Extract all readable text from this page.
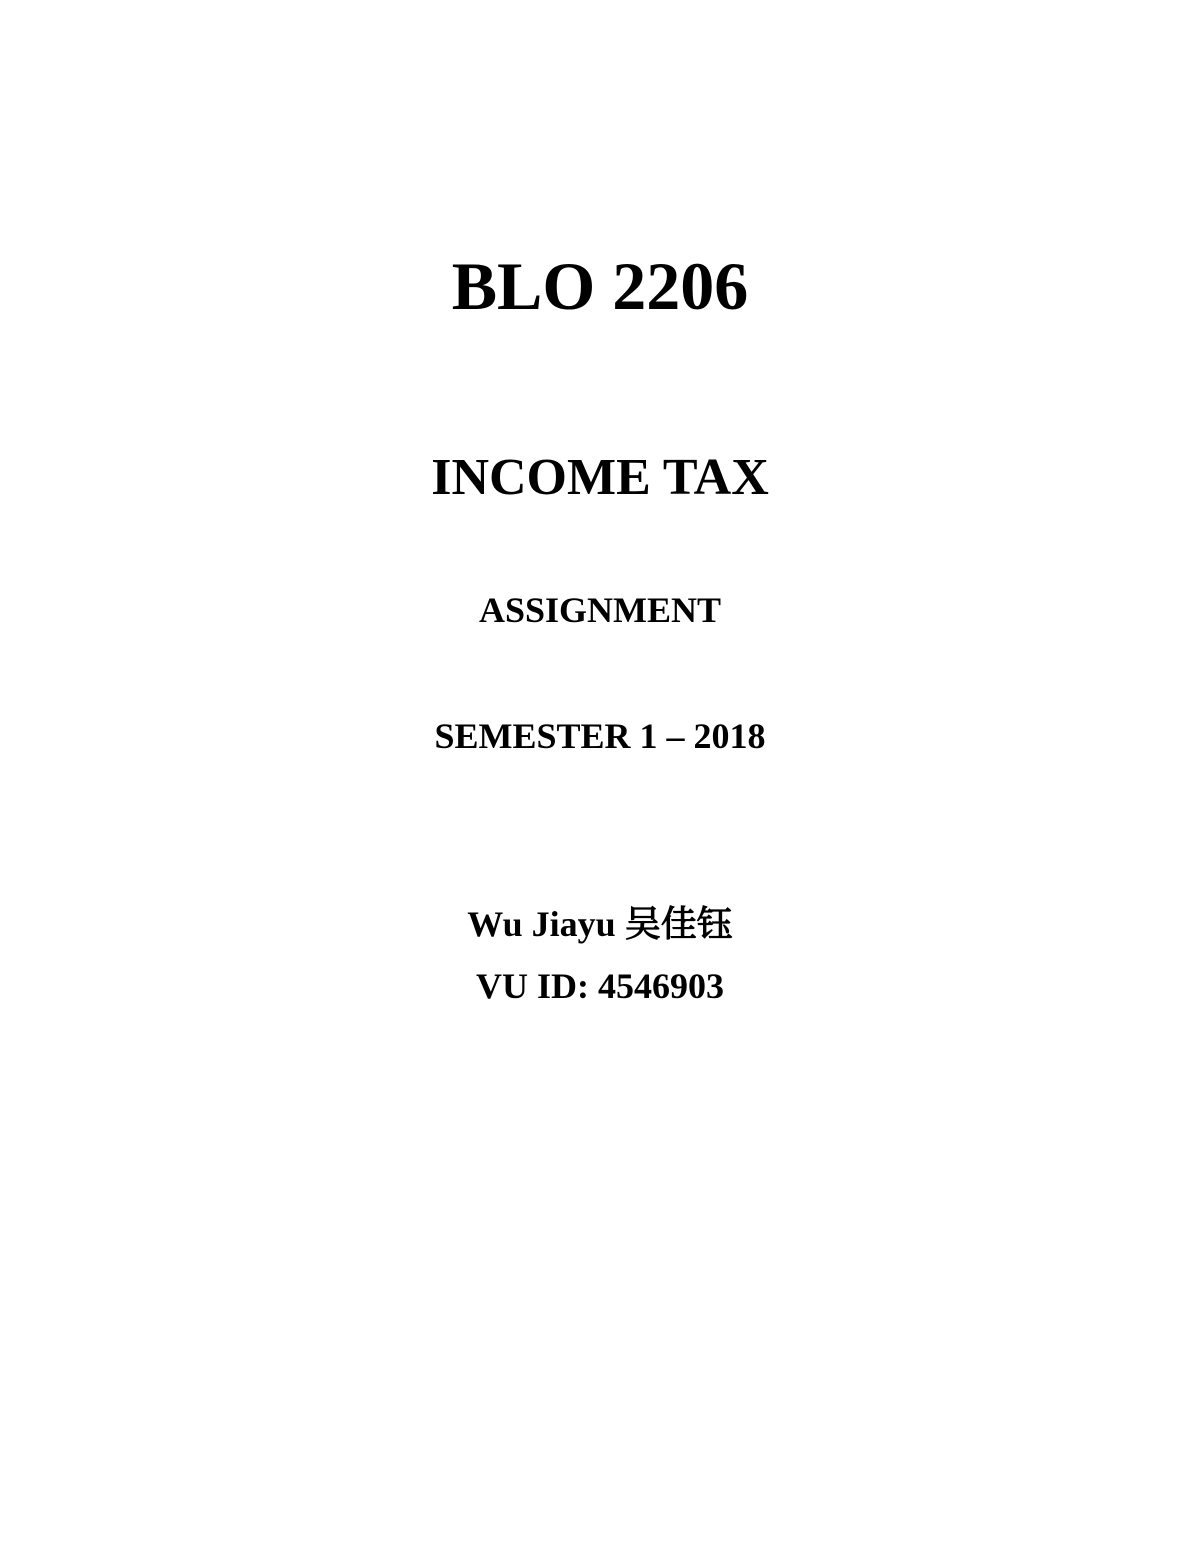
BLO 2206
INCOME TAX
ASSIGNMENT
SEMESTER 1 – 2018
Wu Jiayu 吴佳钰
VU ID: 4546903
